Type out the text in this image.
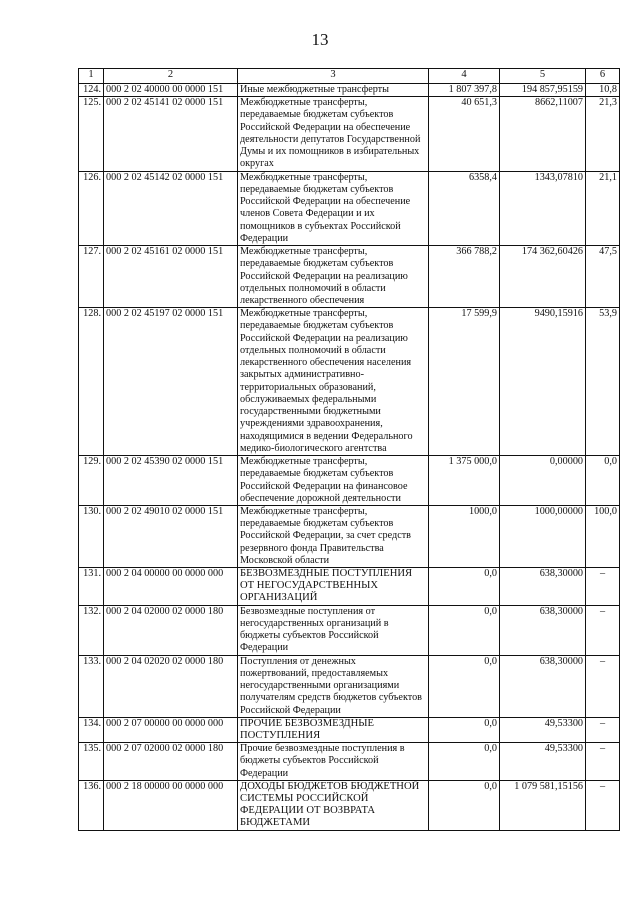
13
1	2	3	4	5	6
124.	000 2 02 40000 00 0000 151	Иные межбюджетные трансферты	1 807 397,8	194 857,95159	10,8
125.	000 2 02 45141 02 0000 151	Межбюджетные трансферты, передаваемые бюджетам субъектов Российской Федерации на обеспечение деятельности депутатов Государственной Думы и их помощников в избирательных округах	40 651,3	8662,11007	21,3
126.	000 2 02 45142 02 0000 151	Межбюджетные трансферты, передаваемые бюджетам субъектов Российской Федерации на обеспечение членов Совета Федерации и их помощников в субъектах Российской Федерации	6358,4	1343,07810	21,1
127.	000 2 02 45161 02 0000 151	Межбюджетные трансферты, передаваемые бюджетам субъектов Российской Федерации на реализацию отдельных полномочий в области лекарственного обеспечения	366 788,2	174 362,60426	47,5
128.	000 2 02 45197 02 0000 151	Межбюджетные трансферты, передаваемые бюджетам субъектов Российской Федерации на реализацию отдельных полномочий в области лекарственного обеспечения населения закрытых административно-территориальных образований, обслуживаемых федеральными государственными бюджетными учреждениями здравоохранения, находящимися в ведении Федерального медико-биологического агентства	17 599,9	9490,15916	53,9
129.	000 2 02 45390 02 0000 151	Межбюджетные трансферты, передаваемые бюджетам субъектов Российской Федерации на финансовое обеспечение дорожной деятельности	1 375 000,0	0,00000	0,0
130.	000 2 02 49010 02 0000 151	Межбюджетные трансферты, передаваемые бюджетам субъектов Российской Федерации, за счет средств резервного фонда Правительства Московской области	1000,0	1000,00000	100,0
131.	000 2 04 00000 00 0000 000	БЕЗВОЗМЕЗДНЫЕ ПОСТУПЛЕНИЯ ОТ НЕГОСУДАРСТВЕННЫХ ОРГАНИЗАЦИЙ	0,0	638,30000	–
132.	000 2 04 02000 02 0000 180	Безвозмездные поступления от негосударственных организаций в бюджеты субъектов Российской Федерации	0,0	638,30000	–
133.	000 2 04 02020 02 0000 180	Поступления от денежных пожертвований, предоставляемых негосударственными организациями получателям средств бюджетов субъектов Российской Федерации	0,0	638,30000	–
134.	000 2 07 00000 00 0000 000	ПРОЧИЕ БЕЗВОЗМЕЗДНЫЕ ПОСТУПЛЕНИЯ	0,0	49,53300	–
135.	000 2 07 02000 02 0000 180	Прочие безвозмездные поступления в бюджеты субъектов Российской Федерации	0,0	49,53300	–
136.	000 2 18 00000 00 0000 000	ДОХОДЫ БЮДЖЕТОВ БЮДЖЕТНОЙ СИСТЕМЫ РОССИЙСКОЙ ФЕДЕРАЦИИ ОТ ВОЗВРАТА БЮДЖЕТАМИ	0,0	1 079 581,15156	–
